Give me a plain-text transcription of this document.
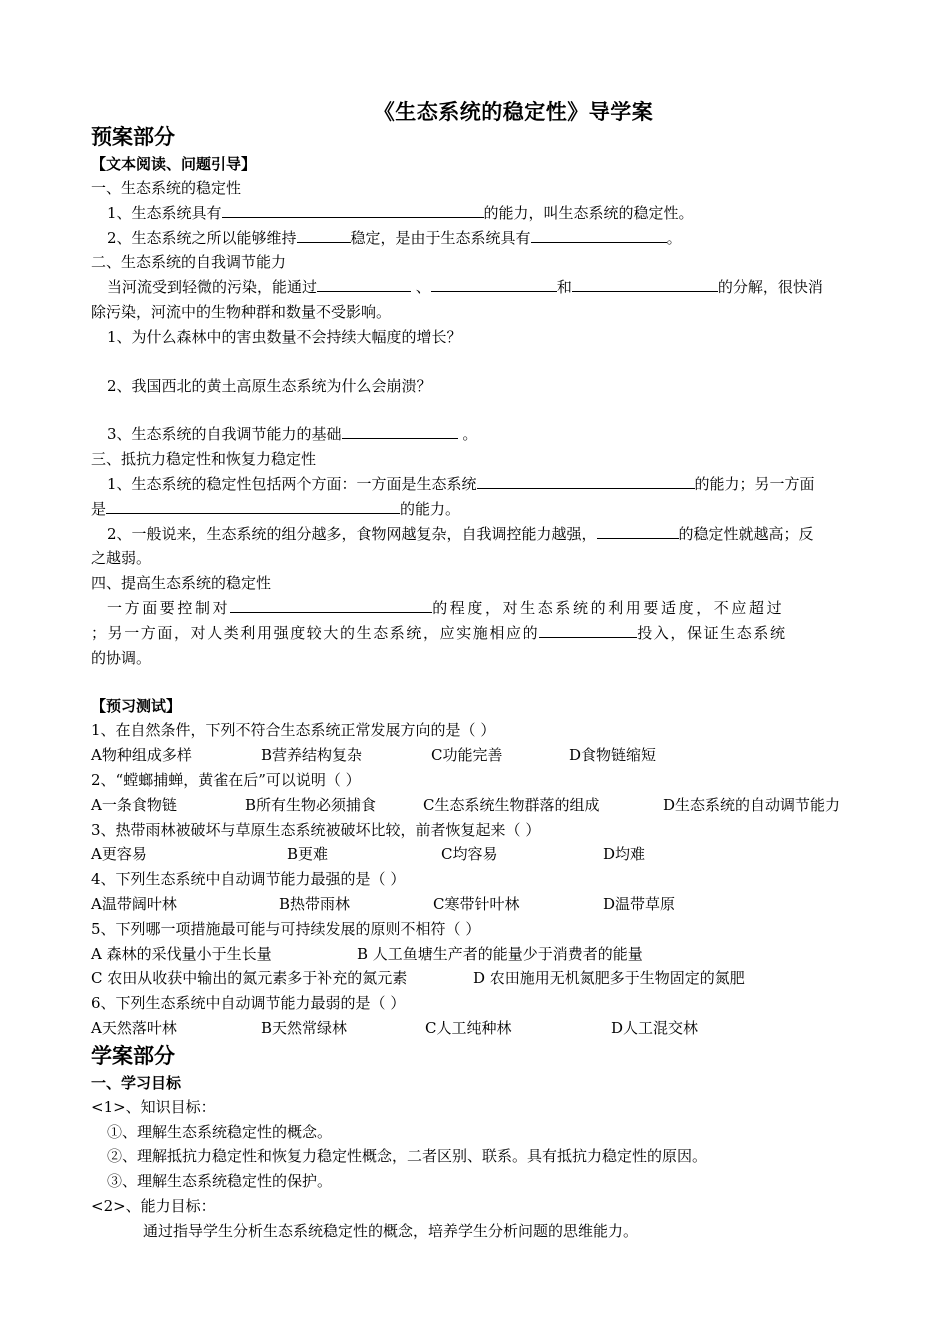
《生态系统的稳定性》导学案
预案部分
【文本阅读、问题引导】
一、生态系统的稳定性
1、生态系统具有	的能力，叫生态系统的稳定性。
2、生态系统之所以能够维持	稳定，是由于生态系统具有	。
二、生态系统的自我调节能力
当河流受到轻微的污染，能通过	、	和	的分解，很快消
除污染，河流中的生物种群和数量不受影响。
1、为什么森林中的害虫数量不会持续大幅度的增长？
2、我国西北的黄土高原生态系统为什么会崩溃？
3、生态系统的自我调节能力的基础	。
三、抵抗力稳定性和恢复力稳定性
1、生态系统的稳定性包括两个方面：一方面是生态系统	的能力；另一方面
是	的能力。
2、一般说来，生态系统的组分越多，食物网越复杂，自我调控能力越强，	的稳定性就越高；反
之越弱。
四、提高生态系统的稳定性
一方面要控制对	的程度，对生态系统的利用要适度，不应超过
；另一方面，对人类利用强度较大的生态系统，应实施相应的	投入，保证生态系统
的协调。
【预习测试】
1、在自然条件，下列不符合生态系统正常发展方向的是（ ）
A物种组成多样	B营养结构复杂	C功能完善	D食物链缩短
2、“螳螂捕蝉，黄雀在后”可以说明（ ）
A一条食物链	B所有生物必须捕食	C生态系统生物群落的组成	D生态系统的自动调节能力
3、热带雨林被破坏与草原生态系统被破坏比较，前者恢复起来（ ）
A更容易	B更难	C均容易	D均难
4、下列生态系统中自动调节能力最强的是（ ）
A温带阔叶林	B热带雨林	C寒带针叶林	D温带草原
5、下列哪一项措施最可能与可持续发展的原则不相符（ ）
A 森林的采伐量小于生长量	B 人工鱼塘生产者的能量少于消费者的能量
C 农田从收获中输出的氮元素多于补充的氮元素	D 农田施用无机氮肥多于生物固定的氮肥
6、下列生态系统中自动调节能力最弱的是（ ）
A天然落叶林	B天然常绿林	C人工纯种林	D人工混交林
学案部分
一、学习目标
<1>、知识目标：
①、理解生态系统稳定性的概念。
②、理解抵抗力稳定性和恢复力稳定性概念，二者区别、联系。具有抵抗力稳定性的原因。
③、理解生态系统稳定性的保护。
<2>、能力目标：
通过指导学生分析生态系统稳定性的概念，培养学生分析问题的思维能力。
